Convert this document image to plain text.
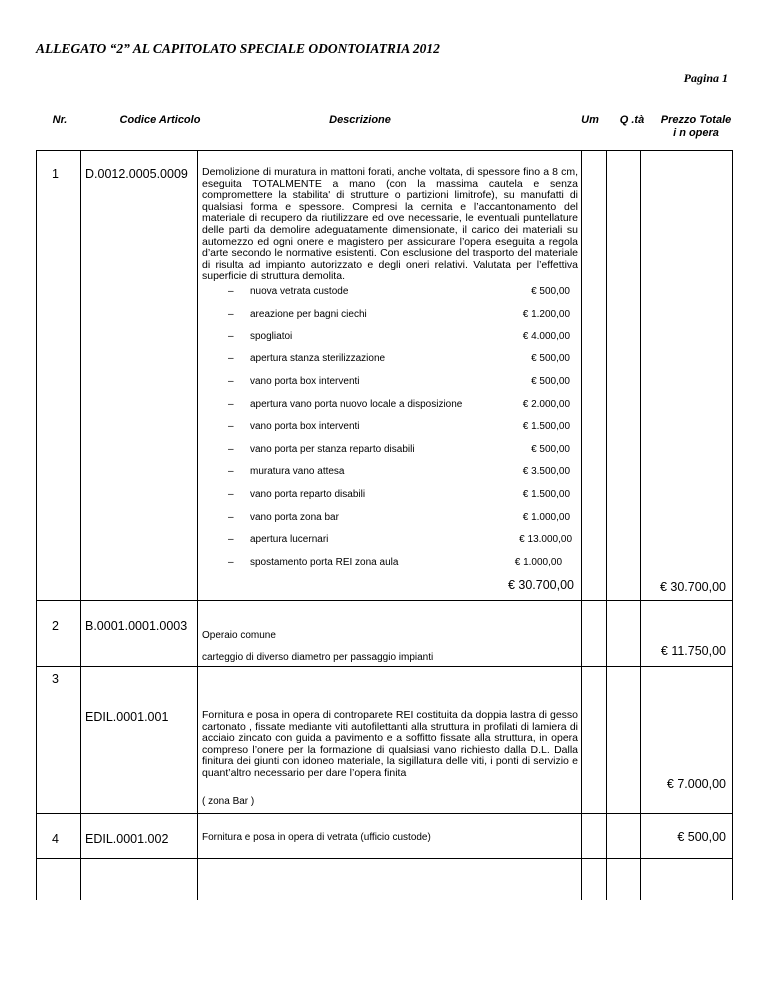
ALLEGATO “2” AL CAPITOLATO SPECIALE ODONTOIATRIA 2012
Pagina 1
Nr.	Codice Articolo	Descrizione	Um	Q .tà	Prezzo Totale
i n opera
1 D.0012.0005.0009 Demolizione di muratura in mattoni forati, anche voltata, di spessore fino a 8 cm, eseguita TOTALMENTE a mano (con la massima cautela e senza compromettere la stabilita' di strutture o partizioni limitrofe), su manufatti di qualsiasi forma e spessore. Compresi la cernita e l’accantonamento del materiale di recupero da riutilizzare ed ove necessarie, le eventuali puntellature delle parti da demolire adeguatamente dimensionate, il carico dei materiali su automezzo ed ogni onere e magistero per assicurare l’opera eseguita a regola d’arte secondo le normative esistenti. Con esclusione del trasporto del materiale di risulta ad impianto autorizzato e degli oneri relativi. Valutata per l’effettiva superficie di struttura demolita.
– nuova vetrata custode	€ 500,00
– areazione per bagni ciechi	€ 1.200,00
– spogliatoi	€ 4.000,00
– apertura stanza sterilizzazione	€ 500,00
– vano porta box interventi	€ 500,00
– apertura vano porta nuovo locale a disposizione	€ 2.000,00
– vano porta box interventi	€ 1.500,00
– vano porta per stanza reparto disabili	€ 500,00
– muratura vano attesa	€ 3.500,00
– vano porta reparto disabili	€ 1.500,00
– vano porta zona bar	€ 1.000,00
– apertura lucernari	€ 13.000,00
– spostamento porta REI zona aula	€ 1.000,00
€ 30.700,00	€ 30.700,00
2 B.0001.0001.0003
Operaio comune
carteggio di diverso diametro per passaggio impianti	€ 11.750,00
3
EDIL.0001.001	Fornitura e posa in opera di controparete REI costituita da doppia lastra di gesso cartonato , fissate mediante viti autofilettanti alla struttura in profilati di lamiera di acciaio zincato con guida a pavimento e a soffitto fissate alla struttura, in opera compreso l’onere per la formazione di qualsiasi vano richiesto dalla D.L. Dalla finitura dei giunti con idoneo materiale, la sigillatura delle viti, i ponti di servizio e quant’altro necessario per dare l’opera finita
( zona Bar )
€ 7.000,00
4 EDIL.0001.002	Fornitura e posa in opera di vetrata (ufficio custode)	€ 500,00
